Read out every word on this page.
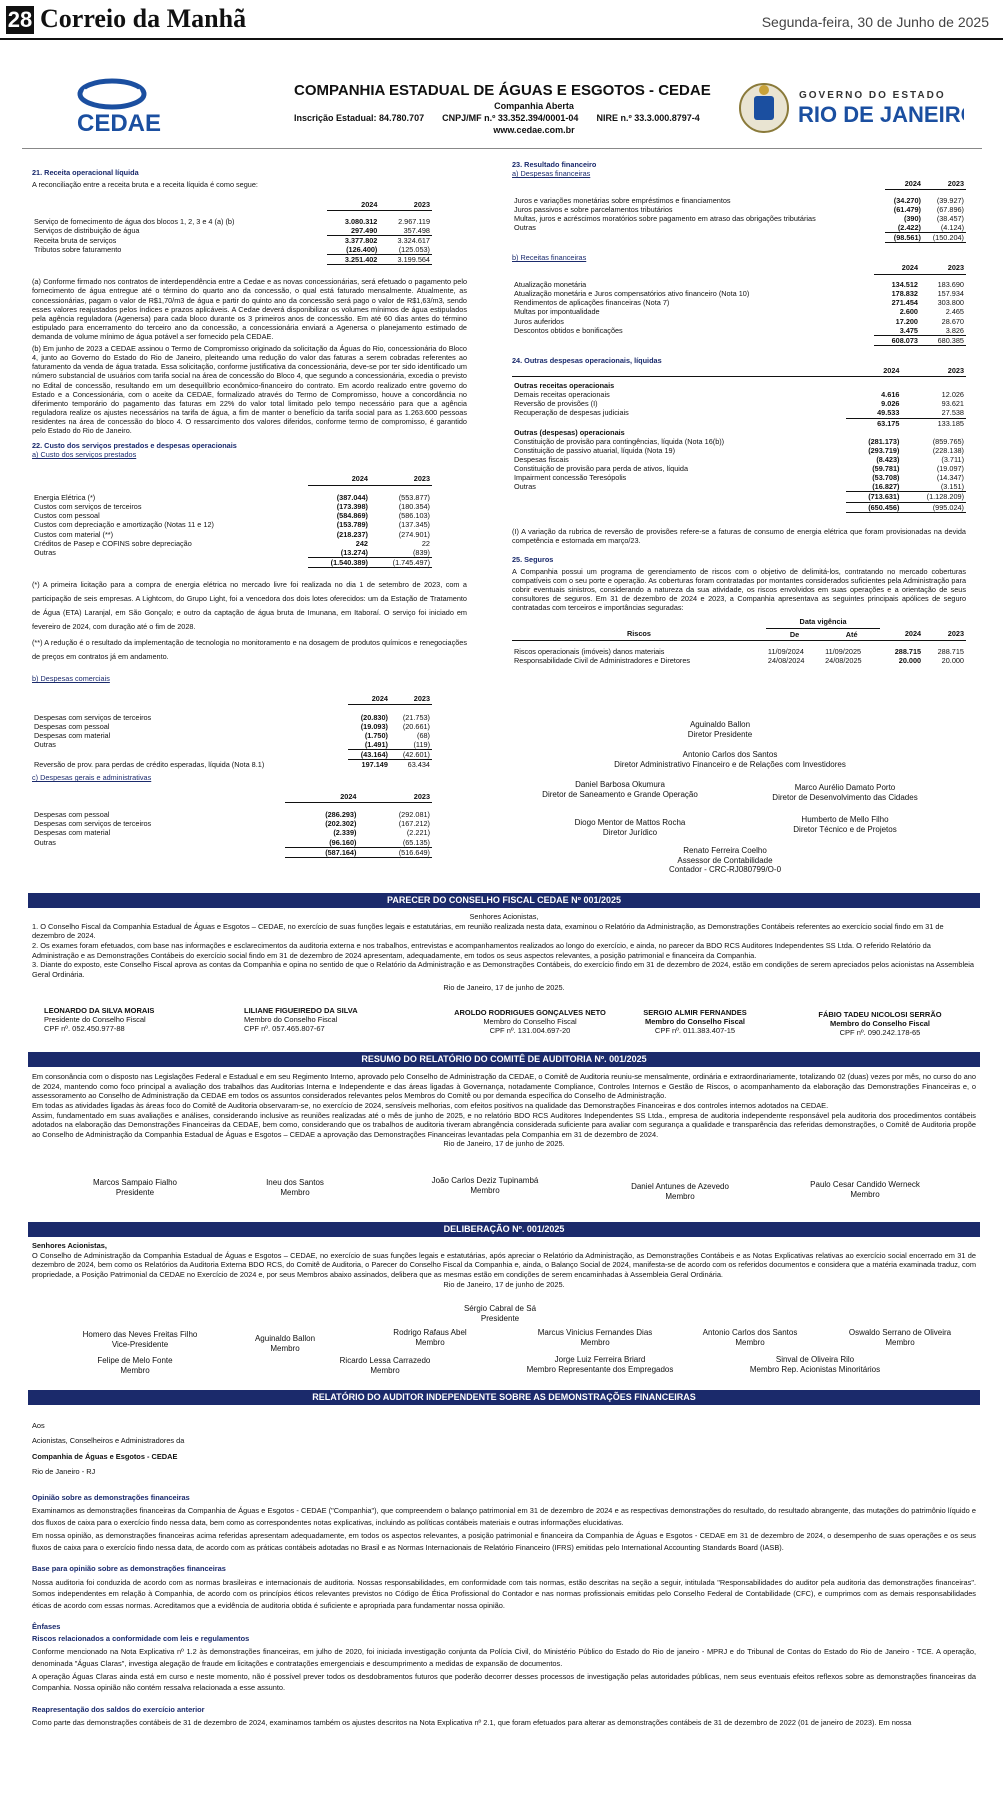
28 Correio da Manhã	Segunda-feira, 30 de Junho de 2025
CEDAE
COMPANHIA ESTADUAL DE ÁGUAS E ESGOTOS - CEDAE
Companhia Aberta
Inscrição Estadual: 84.780.707 CNPJ/MF n.º 33.352.394/0001-04 NIRE n.º 33.3.000.8797-4
www.cedae.com.br
GOVERNO DO ESTADO
RIO DE JANEIRO
21. Receita operacional líquida

A reconciliação entre a receita bruta e a receita líquida é como segue:

	2024	2023

Serviço de fornecimento de água dos blocos 1, 2, 3 e 4 (a) (b)	3.080.312	2.967.119
Serviços de distribuição de água	297.490	357.498
Receita bruta de serviços	3.377.802	3.324.617
Tributos sobre faturamento	(126.400)	(125.053)
	3.251.402	3.199.564

(a) Conforme firmado nos contratos de interdependência entre a Cedae e as novas concessionárias, será efetuado o pagamento pelo fornecimento de água entregue até o término do quarto ano da concessão, o qual está faturado mensalmente. Atualmente, as concessionárias, pagam o valor de R$1,70/m3 de água e partir do quinto ano da concessão será pago o valor de R$1,63/m3, sendo esses valores reajustados pelos índices e prazos aplicáveis. A Cedae deverá disponibilizar os volumes mínimos de água estipulados pela agência reguladora (Agenersa) para cada bloco durante os 3 primeiros anos de concessão. Em até 60 dias antes do término estipulado para encerramento do terceiro ano da concessão, a concessionária enviará a Agenersa o planejamento estimado de demanda de volume mínimo de água potável a ser fornecido pela CEDAE.

(b) Em junho de 2023 a CEDAE assinou o Termo de Compromisso originado da solicitação da Águas do Rio, concessionária do Bloco 4, junto ao Governo do Estado do Rio de Janeiro, pleiteando uma redução do valor das faturas a serem cobradas referentes ao faturamento da venda de água tratada. Essa solicitação, conforme justificativa da concessionária, deve-se por ter sido identificado um número substancial de usuários com tarifa social na área de concessão do Bloco 4, que segundo a concessionária, excedia o previsto no Edital de concessão, resultando em um desequilíbrio econômico-financeiro do contrato. Em acordo realizado entre governo do Estado e a Concessionária, com o aceite da CEDAE, formalizado através do Termo de Compromisso, houve a concordância no diferimento temporário do pagamento das faturas em 22% do valor total limitado pelo tempo necessário para que a agência reguladora realize os ajustes necessários na tarifa de água, a fim de manter o benefício da tarifa social para as 1.263.600 pessoas residentes na área de concessão do bloco 4. O ressarcimento dos valores diferidos, conforme termo de compromisso, é garantido pelo Estado do Rio de Janeiro.

22. Custo dos serviços prestados e despesas operacionais
a) Custo dos serviços prestados
	2024	2023

Energia Elétrica (*)	(387.044)	(553.877)
Custos com serviços de terceiros	(173.398)	(180.354)
Custos com pessoal	(584.869)	(586.103)
Custos com depreciação e amortização (Notas 11 e 12)	(153.789)	(137.345)
Custos com material (**)	(218.237)	(274.901)
Créditos de Pasep e COFINS sobre depreciação	242	22
Outras	(13.274)	(839)
	(1.540.389)	(1.745.497)

(*) A primeira licitação para a compra de energia elétrica no mercado livre foi realizada no dia 1 de setembro de 2023, com a participação de seis empresas. A Lightcom, do Grupo Light, foi a vencedora dos dois lotes oferecidos: um da Estação de Tratamento de Água (ETA) Laranjal, em São Gonçalo; e outro da captação de água bruta de Imunana, em Itaboraí. O serviço foi iniciado em fevereiro de 2024, com duração até o fim de 2028.

(**) A redução é o resultado da implementação de tecnologia no monitoramento e na dosagem de produtos químicos e renegociações de preços em contratos já em andamento.

b) Despesas comerciais
	2024	2023

Despesas com serviços de terceiros	(20.830)	(21.753)
Despesas com pessoal	(19.093)	(20.661)
Despesas com material	(1.750)	(68)
Outras	(1.491)	(119)
	(43.164)	(42.601)
Reversão de prov. para perdas de crédito esperadas, líquida (Nota 8.1)	197.149	63.434
c) Despesas gerais e administrativas
	2024	2023

Despesas com pessoal	(286.293)	(292.081)
Despesas com serviços de terceiros	(202.302)	(167.212)
Despesas com material	(2.339)	(2.221)
Outras	(96.160)	(65.135)
	(587.164)	(516.649)
23. Resultado financeiro
a) Despesas financeiras
	2024	2023

Juros e variações monetárias sobre empréstimos e financiamentos	(34.270)	(39.927)
Juros passivos e sobre parcelamentos tributários	(61.479)	(67.896)
Multas, juros e acréscimos moratórios sobre pagamento em atraso das obrigações tributárias	(390)	(38.457)
Outras	(2.422)	(4.124)
	(98.561)	(150.204)
b) Receitas financeiras
	2024	2023

Atualização monetária	134.512	183.690
Atualização monetária e Juros compensatórios ativo financeiro (Nota 10)	178.832	157.934
Rendimentos de aplicações financeiras (Nota 7)	271.454	303.800
Multas por impontualidade	2.600	2.465
Juros auferidos	17.200	28.670
Descontos obtidos e bonificações	3.475	3.826
	608.073	680.385
24. Outras despesas operacionais, líquidas
	2024	2023

Outras receitas operacionais		
Demais receitas operacionais	4.616	12.026
Reversão de provisões (I)	9.026	93.621
Recuperação de despesas judiciais	49.533	27.538
	63.175	133.185
Outras (despesas) operacionais		
Constituição de provisão para contingências, líquida (Nota 16(b))	(281.173)	(859.765)
Constituição de passivo atuarial, líquida (Nota 19)	(293.719)	(228.138)
Despesas fiscais	(8.423)	(3.711)
Constituição de provisão para perda de ativos, líquida	(59.781)	(19.097)
Impairment concessão Teresópolis	(53.708)	(14.347)
Outras	(16.827)	(3.151)
	(713.631)	(1.128.209)
	(650.456)	(995.024)

(I) A variação da rubrica de reversão de provisões refere-se a faturas de consumo de energia elétrica que foram provisionadas na devida competência e estornada em março/23.

25. Seguros

A Companhia possui um programa de gerenciamento de riscos com o objetivo de delimitá-los, contratando no mercado coberturas compatíveis com o seu porte e operação. As coberturas foram contratadas por montantes considerados suficientes pela Administração para cobrir eventuais sinistros, considerando a natureza da sua atividade, os riscos envolvidos em suas operações e a orientação de seus consultores de seguros. Em 31 de dezembro de 2024 e 2023, a Companhia apresentava as seguintes principais apólices de seguro contratadas com terceiros e importâncias seguradas:

	Data vigência			
Riscos	De	Até	2024	2023

Riscos operacionais (imóveis) danos materiais	11/09/2024	11/09/2025	288.715	288.715
Responsabilidade Civil de Administradores e Diretores	24/08/2024	24/08/2025	20.000	20.000
Aguinaldo Ballon
Diretor Presidente
Antonio Carlos dos Santos
Diretor Administrativo Financeiro e de Relações com Investidores
Daniel Barbosa Okumura
Diretor de Saneamento e Grande Operação
Marco Aurélio Damato Porto
Diretor de Desenvolvimento das Cidades
Diogo Mentor de Mattos Rocha
Diretor Jurídico
Humberto de Mello Filho
Diretor Técnico e de Projetos
Renato Ferreira Coelho
Assessor de Contabilidade
Contador - CRC-RJ080799/O-0
PARECER DO CONSELHO FISCAL CEDAE Nº 001/2025
Senhores Acionistas,
1. O Conselho Fiscal da Companhia Estadual de Águas e Esgotos – CEDAE, no exercício de suas funções legais e estatutárias, em reunião realizada nesta data, examinou o Relatório da Administração, as Demonstrações Contábeis referentes ao exercício social findo em 31 de dezembro de 2024.
2. Os exames foram efetuados, com base nas informações e esclarecimentos da auditoria externa e nos trabalhos, entrevistas e acompanhamentos realizados ao longo do exercício, e ainda, no parecer da BDO RCS Auditores Independentes SS Ltda. O referido Relatório da Administração e as Demonstrações Contábeis do exercício social findo em 31 de dezembro de 2024 apresentam, adequadamente, em todos os seus aspectos relevantes, a posição patrimonial e financeira da Companhia.
3. Diante do exposto, este Conselho Fiscal aprova as contas da Companhia e opina no sentido de que o Relatório da Administração e as Demonstrações Contábeis, do exercício findo em 31 de dezembro de 2024, estão em condições de serem apreciados pelos acionistas na Assembleia Geral Ordinária.
Rio de Janeiro, 17 de junho de 2025.
LEONARDO DA SILVA MORAIS
Presidente do Conselho Fiscal
CPF nº. 052.450.977-88
LILIANE FIGUEIREDO DA SILVA
Membro do Conselho Fiscal
CPF nº. 057.465.807-67
AROLDO RODRIGUES GONÇALVES NETO
Membro do Conselho Fiscal
CPF nº. 131.004.697-20
SERGIO ALMIR FERNANDES
Membro do Conselho Fiscal
CPF nº. 011.383.407-15
FÁBIO TADEU NICOLOSI SERRÃO
Membro do Conselho Fiscal
CPF nº. 090.242.178-65
RESUMO DO RELATÓRIO DO COMITÊ DE AUDITORIA Nº. 001/2025

Em consonância com o disposto nas Legislações Federal e Estadual e em seu Regimento Interno, aprovado pelo Conselho de Administração da CEDAE, o Comitê de Auditoria reuniu-se mensalmente, ordinária e extraordinariamente, totalizando 02 (duas) vezes por mês, no curso do ano de 2024, mantendo como foco principal a avaliação dos trabalhos das Auditorias Interna e Independente e das áreas ligadas à Governança, notadamente Compliance, Controles Internos e Gestão de Riscos, o acompanhamento da elaboração das Demonstrações Financeiras e, o assessoramento ao Conselho de Administração da CEDAE em todos os assuntos considerados relevantes pelos Membros do Comitê ou por demanda específica do Conselho de Administração.

Em todas as atividades ligadas às áreas foco do Comitê de Auditoria observaram-se, no exercício de 2024, sensíveis melhorias, com efeitos positivos na qualidade das Demonstrações Financeiras e dos controles internos adotados na CEDAE.

Assim, fundamentado em suas avaliações e análises, considerando inclusive as reuniões realizadas até o mês de junho de 2025, e no relatório BDO RCS Auditores Independentes SS Ltda., empresa de auditoria independente responsável pela auditoria dos procedimentos contábeis adotados na elaboração das Demonstrações Financeiras da CEDAE, bem como, considerando que os trabalhos de auditoria tiveram abrangência considerada suficiente para avaliar com segurança a qualidade e transparência das referidas demonstrações, o Comitê de Auditoria propõe ao Conselho de Administração da Companhia Estadual de Águas e Esgotos – CEDAE a aprovação das Demonstrações Financeiras levantadas pela Companhia em 31 de dezembro de 2024.

Rio de Janeiro, 17 de junho de 2025.
Marcos Sampaio Fialho
Presidente
Ineu dos Santos
Membro
João Carlos Deziz Tupinambá
Membro	Daniel Antunes de Azevedo
Membro
Paulo Cesar Candido Werneck
Membro
DELIBERAÇÃO Nº. 001/2025
Senhores Acionistas,

O Conselho de Administração da Companhia Estadual de Águas e Esgotos – CEDAE, no exercício de suas funções legais e estatutárias, após apreciar o Relatório da Administração, as Demonstrações Contábeis e as Notas Explicativas relativas ao exercício social encerrado em 31 de dezembro de 2024, bem como os Relatórios da Auditoria Externa BDO RCS, do Comitê de Auditoria, o Parecer do Conselho Fiscal da Companhia e, ainda, o Balanço Social de 2024, manifesta-se de acordo com os referidos documentos e considera que a matéria examinada traduz, com propriedade, a Posição Patrimonial da CEDAE no Exercício de 2024 e, por seus Membros abaixo assinados, delibera que as mesmas estão em condições de serem encaminhadas à Assembleia Geral Ordinária.

Rio de Janeiro, 17 de junho de 2025.
Sérgio Cabral de Sá
Presidente
Homero das Neves Freitas Filho
Vice-Presidente
Aguinaldo Ballon
Membro
Rodrigo Rafaus Abel
Membro
Marcus Vinicius Fernandes Dias
Membro
Antonio Carlos dos Santos
Membro
Oswaldo Serrano de Oliveira
Membro
Felipe de Melo Fonte
Membro
Ricardo Lessa Carrazedo
Membro
Jorge Luiz Ferreira Briard
Membro Representante dos Empregados
Sinval de Oliveira Rilo
Membro Rep. Acionistas Minoritários
RELATÓRIO DO AUDITOR INDEPENDENTE SOBRE AS DEMONSTRAÇÕES FINANCEIRAS
Aos
Acionistas, Conselheiros e Administradores da
Companhia de Águas e Esgotos - CEDAE
Rio de Janeiro - RJ
Opinião sobre as demonstrações financeiras

Examinamos as demonstrações financeiras da Companhia de Águas e Esgotos - CEDAE ("Companhia"), que compreendem o balanço patrimonial em 31 de dezembro de 2024 e as respectivas demonstrações do resultado, do resultado abrangente, das mutações do patrimônio líquido e dos fluxos de caixa para o exercício findo nessa data, bem como as correspondentes notas explicativas, incluindo as políticas contábeis materiais e outras informações elucidativas.

Em nossa opinião, as demonstrações financeiras acima referidas apresentam adequadamente, em todos os aspectos relevantes, a posição patrimonial e financeira da Companhia de Águas e Esgotos - CEDAE em 31 de dezembro de 2024, o desempenho de suas operações e os seus fluxos de caixa para o exercício findo nessa data, de acordo com as práticas contábeis adotadas no Brasil e as Normas Internacionais de Relatório Financeiro (IFRS) emitidas pelo International Accounting Standards Board (IASB).

Base para opinião sobre as demonstrações financeiras

Nossa auditoria foi conduzida de acordo com as normas brasileiras e internacionais de auditoria. Nossas responsabilidades, em conformidade com tais normas, estão descritas na seção a seguir, intitulada "Responsabilidades do auditor pela auditoria das demonstrações financeiras". Somos independentes em relação à Companhia, de acordo com os princípios éticos relevantes previstos no Código de Ética Profissional do Contador e nas normas profissionais emitidas pelo Conselho Federal de Contabilidade (CFC), e cumprimos com as demais responsabilidades éticas de acordo com essas normas. Acreditamos que a evidência de auditoria obtida é suficiente e apropriada para fundamentar nossa opinião.

Ênfases
Riscos relacionados a conformidade com leis e regulamentos

Conforme mencionado na Nota Explicativa nº 1.2 às demonstrações financeiras, em julho de 2020, foi iniciada investigação conjunta da Polícia Civil, do Ministério Público do Estado do Rio de janeiro - MPRJ e do Tribunal de Contas do Estado do Rio de Janeiro - TCE. A operação, denominada "Águas Claras", investiga alegação de fraude em licitações e contratações emergenciais e descumprimento a medidas de expansão de documentos.

A operação Águas Claras ainda está em curso e neste momento, não é possível prever todos os desdobramentos futuros que poderão decorrer desses processos de investigação pelas autoridades públicas, nem seus eventuais efeitos reflexos sobre as demonstrações financeiras da Companhia. Nossa opinião não contém ressalva relacionada a esse assunto.

Reapresentação dos saldos do exercício anterior

Como parte das demonstrações contábeis de 31 de dezembro de 2024, examinamos também os ajustes descritos na Nota Explicativa nº 2.1, que foram efetuados para alterar as demonstrações contábeis de 31 de dezembro de 2022 (01 de janeiro de 2023). Em nossa
